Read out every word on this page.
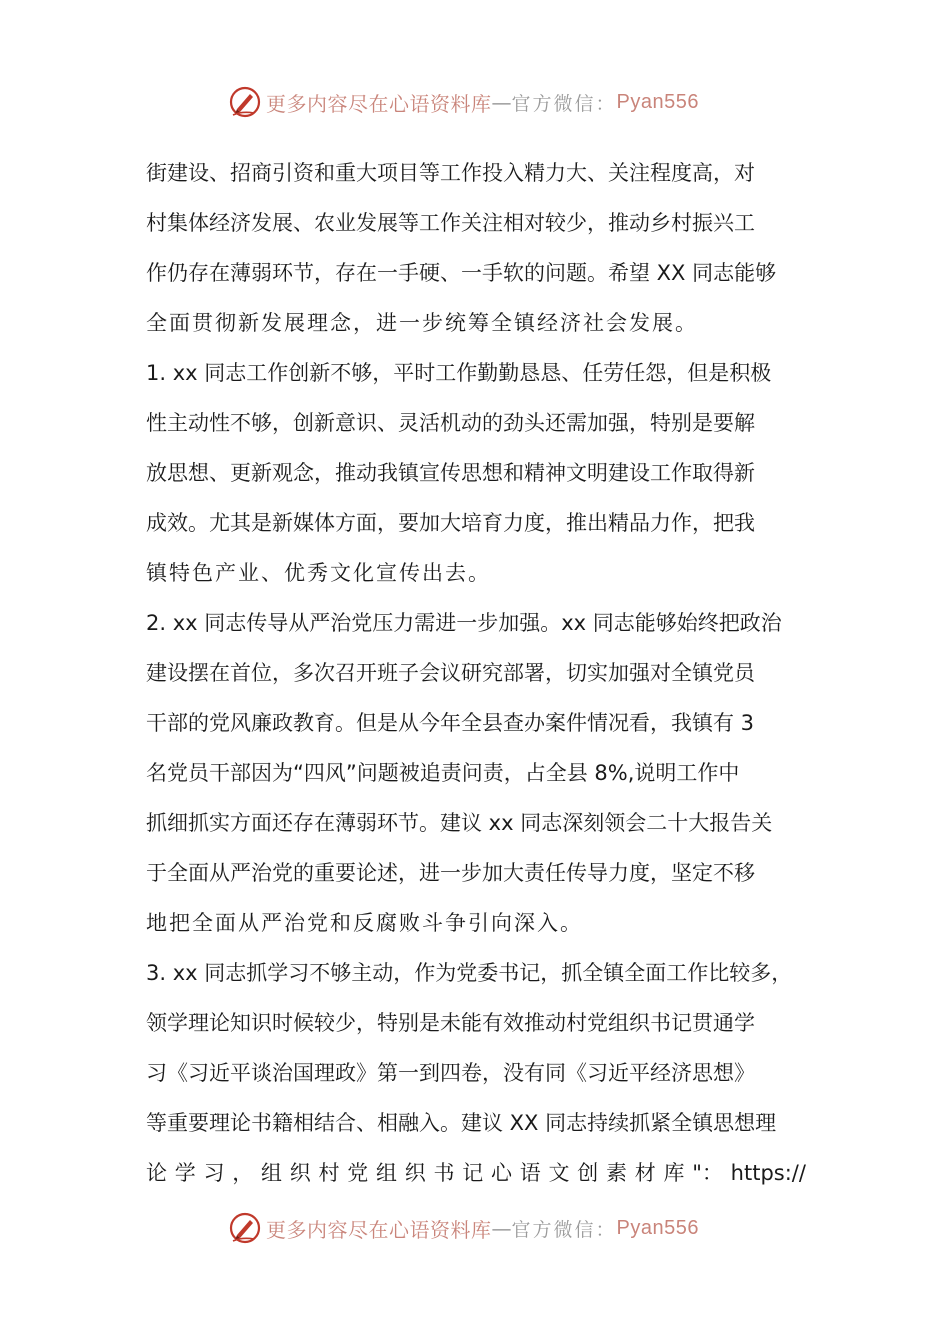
更多内容尽在心语资料库 — 官方微信： Pyan556
街建设、招商引资和重大项目等工作投入精力大、关注程度高，对
村集体经济发展、农业发展等工作关注相对较少，推动乡村振兴工
作仍存在薄弱环节，存在一手硬、一手软的问题。希望 XX 同志能够
全面贯彻新发展理念，进一步统筹全镇经济社会发展。
1. xx 同志工作创新不够，平时工作勤勤恳恳、任劳任怨，但是积极
性主动性不够，创新意识、灵活机动的劲头还需加强，特别是要解
放思想、更新观念，推动我镇宣传思想和精神文明建设工作取得新
成效。尤其是新媒体方面，要加大培育力度，推出精品力作，把我
镇特色产业、优秀文化宣传出去。
2. xx 同志传导从严治党压力需进一步加强。xx 同志能够始终把政治
建设摆在首位，多次召开班子会议研究部署，切实加强对全镇党员
干部的党风廉政教育。但是从今年全县查办案件情况看，我镇有 3
名党员干部因为“四风”问题被追责问责，占全县 8%,说明工作中
抓细抓实方面还存在薄弱环节。建议 xx 同志深刻领会二十大报告关
于全面从严治党的重要论述，进一步加大责任传导力度，坚定不移
地把全面从严治党和反腐败斗争引向深入。
3. xx 同志抓学习不够主动，作为党委书记，抓全镇全面工作比较多，
领学理论知识时候较少，特别是未能有效推动村党组织书记贯通学
习《习近平谈治国理政》第一到四卷，没有同《习近平经济思想》
等重要理论书籍相结合、相融入。建议 XX 同志持续抓紧全镇思想理
论 学 习 ， 组 织 村 党 组 织 书 记 心 语 文 创 素 材 库 "： https://
更多内容尽在心语资料库 — 官方微信： Pyan556
